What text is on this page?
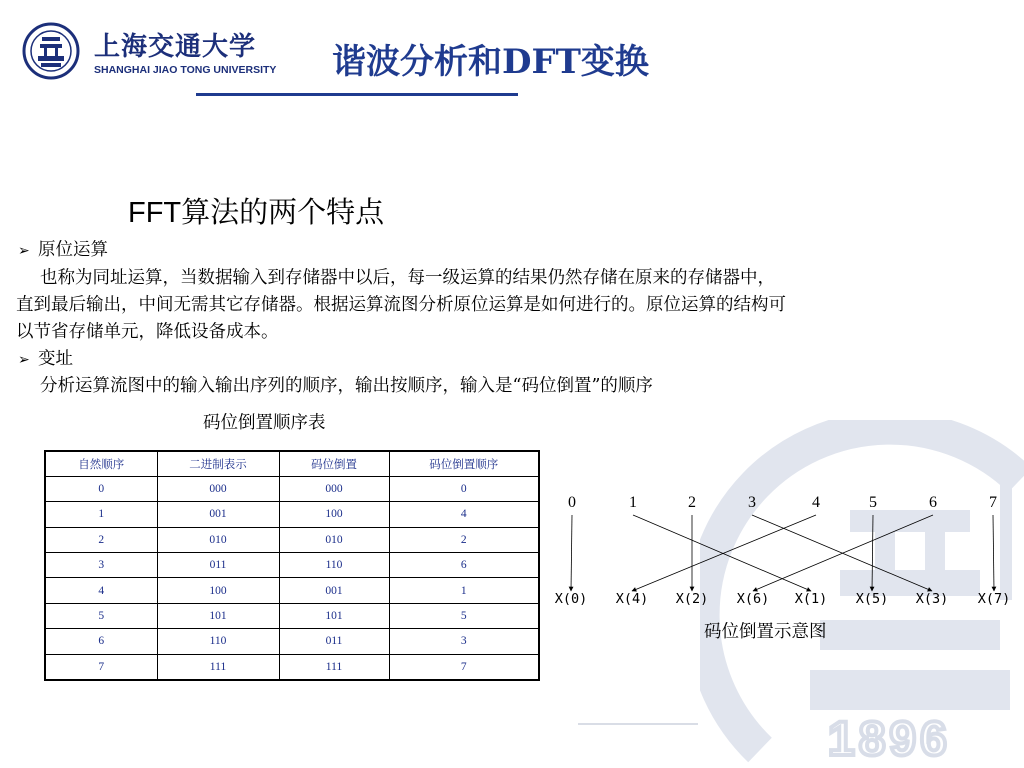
1896
上海交通大学
SHANGHAI JIAO TONG UNIVERSITY 谐波分析和DFT变换
FFT算法的两个特点
➢ 原位运算
也称为同址运算，当数据输入到存储器中以后，每一级运算的结果仍然存储在原来的存储器中，
直到最后输出，中间无需其它存储器。根据运算流图分析原位运算是如何进行的。原位运算的结构可
以节省存储单元，降低设备成本。
➢ 变址
分析运算流图中的输入输出序列的顺序，输出按顺序，输入是“码位倒置”的顺序
码位倒置顺序表
自然顺序	二进制表示	码位倒置	码位倒置顺序
0	000	000	0
1	001	100	4
2	010	010	2
3	011	110	6
4	100	001	1
5	101	101	5
6	110	011	3
7	111	111	7
0	1	2	3	4	5	6	7
X(0) X(4) X(2) X(6) X(1) X(5) X(3) X(7)
码位倒置示意图
